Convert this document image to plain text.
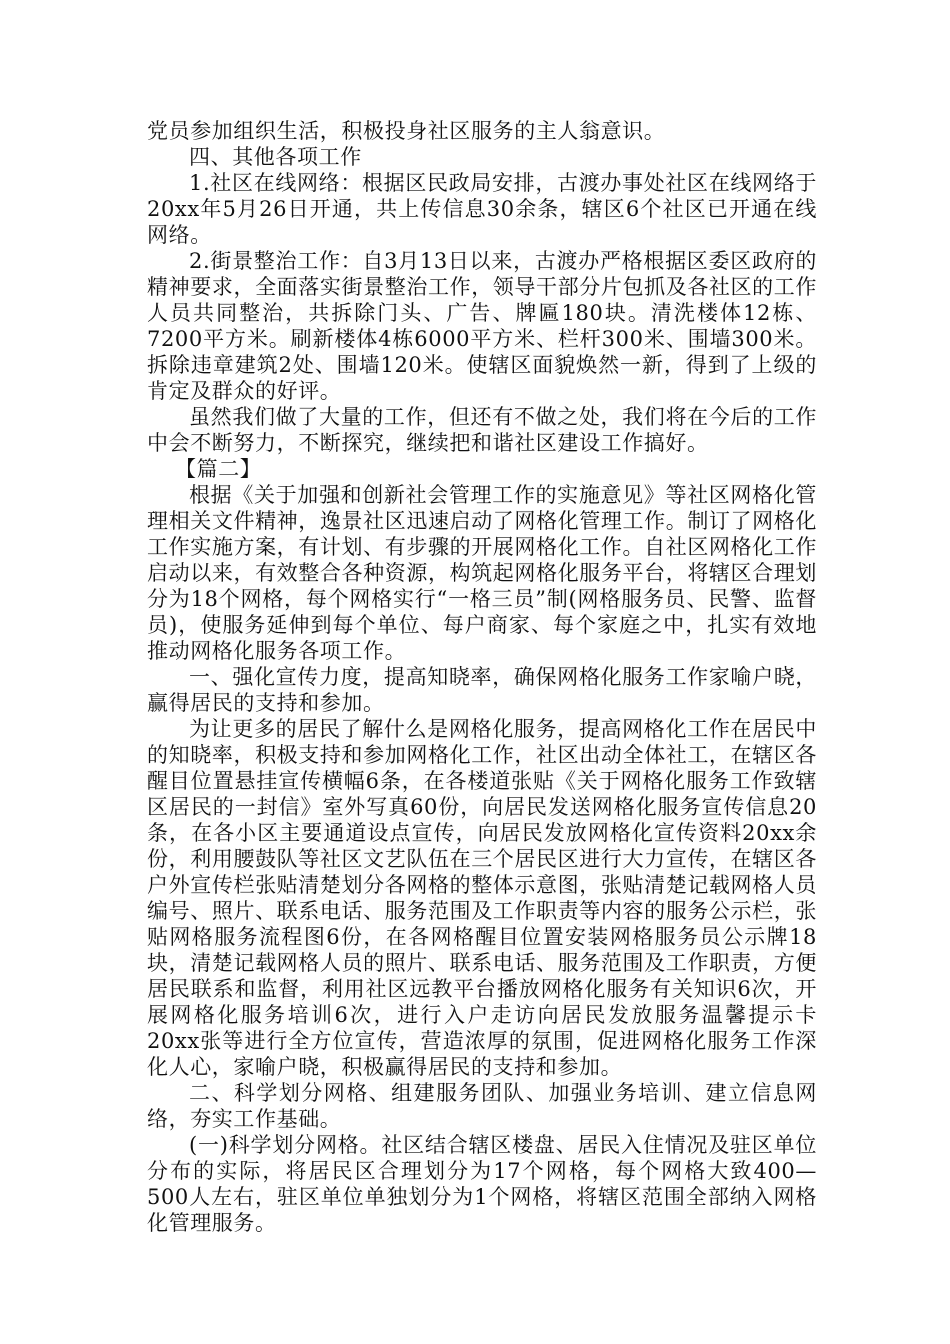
党员参加组织生活，积极投身社区服务的主人翁意识。

四、其他各项工作

1.社区在线网络：根据区民政局安排，古渡办事处社区在线网络于20xx年5月26日开通，共上传信息30余条，辖区6个社区已开通在线网络。

2.街景整治工作：自3月13日以来，古渡办严格根据区委区政府的精神要求，全面落实街景整治工作，领导干部分片包抓及各社区的工作人员共同整治，共拆除门头、广告、牌匾180块。清洗楼体12栋、7200平方米。刷新楼体4栋6000平方米、栏杆300米、围墙300米。拆除违章建筑2处、围墙120米。使辖区面貌焕然一新，得到了上级的肯定及群众的好评。

虽然我们做了大量的工作，但还有不做之处，我们将在今后的工作中会不断努力，不断探究，继续把和谐社区建设工作搞好。

【篇二】

根据《关于加强和创新社会管理工作的实施意见》等社区网格化管理相关文件精神，逸景社区迅速启动了网格化管理工作。制订了网格化工作实施方案，有计划、有步骤的开展网格化工作。自社区网格化工作启动以来，有效整合各种资源，构筑起网格化服务平台，将辖区合理划分为18个网格，每个网格实行“一格三员”制(网格服务员、民警、监督员)，使服务延伸到每个单位、每户商家、每个家庭之中，扎实有效地推动网格化服务各项工作。

一、强化宣传力度，提高知晓率，确保网格化服务工作家喻户晓，赢得居民的支持和参加。

为让更多的居民了解什么是网格化服务，提高网格化工作在居民中的知晓率，积极支持和参加网格化工作，社区出动全体社工，在辖区各醒目位置悬挂宣传横幅6条，在各楼道张贴《关于网格化服务工作致辖区居民的一封信》室外写真60份，向居民发送网格化服务宣传信息20条，在各小区主要通道设点宣传，向居民发放网格化宣传资料20xx余份，利用腰鼓队等社区文艺队伍在三个居民区进行大力宣传，在辖区各户外宣传栏张贴清楚划分各网格的整体示意图，张贴清楚记载网格人员编号、照片、联系电话、服务范围及工作职责等内容的服务公示栏，张贴网格服务流程图6份，在各网格醒目位置安装网格服务员公示牌18块，清楚记载网格人员的照片、联系电话、服务范围及工作职责，方便居民联系和监督，利用社区远教平台播放网格化服务有关知识6次，开展网格化服务培训6次，进行入户走访向居民发放服务温馨提示卡20xx张等进行全方位宣传，营造浓厚的氛围，促进网格化服务工作深化人心，家喻户晓，积极赢得居民的支持和参加。

二、科学划分网格、组建服务团队、加强业务培训、建立信息网络，夯实工作基础。

(一)科学划分网格。社区结合辖区楼盘、居民入住情况及驻区单位分布的实际，将居民区合理划分为17个网格，每个网格大致400—500人左右，驻区单位单独划分为1个网格，将辖区范围全部纳入网格化管理服务。
